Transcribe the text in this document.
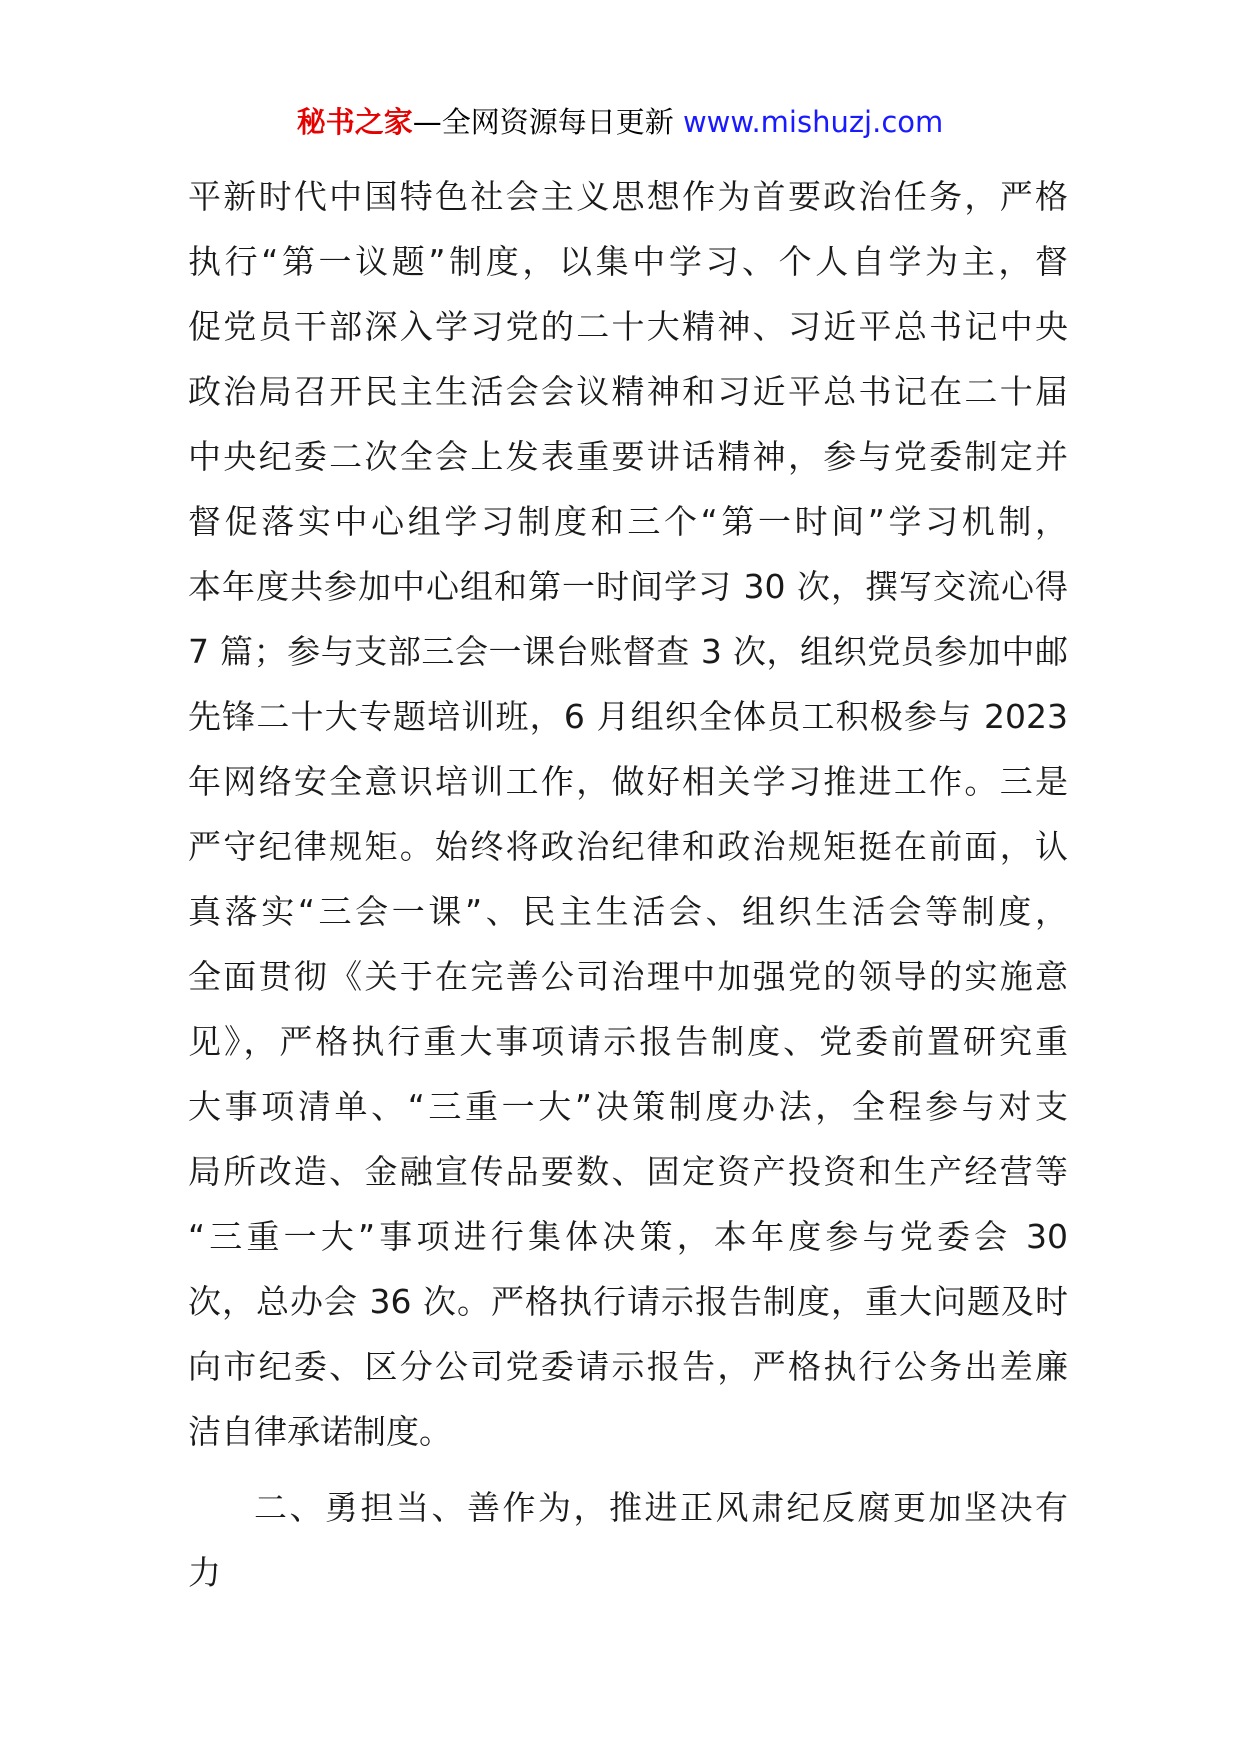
秘书之家—全网资源每日更新 www.mishuzj.com
平新时代中国特色社会主义思想作为首要政治任务，严格
执行“第一议题”制度，以集中学习、个人自学为主，督
促党员干部深入学习党的二十大精神、习近平总书记中央
政治局召开民主生活会会议精神和习近平总书记在二十届
中央纪委二次全会上发表重要讲话精神，参与党委制定并
督促落实中心组学习制度和三个“第一时间”学习机制，
本年度共参加中心组和第一时间学习 30 次，撰写交流心得
7 篇；参与支部三会一课台账督查 3 次，组织党员参加中邮
先锋二十大专题培训班，6 月组织全体员工积极参与 2023
年网络安全意识培训工作，做好相关学习推进工作。三是
严守纪律规矩。始终将政治纪律和政治规矩挺在前面，认
真落实“三会一课”、民主生活会、组织生活会等制度，
全面贯彻《关于在完善公司治理中加强党的领导的实施意
见》，严格执行重大事项请示报告制度、党委前置研究重
大事项清单、“三重一大”决策制度办法，全程参与对支
局所改造、金融宣传品要数、固定资产投资和生产经营等
“三重一大”事项进行集体决策，本年度参与党委会 30
次，总办会 36 次。严格执行请示报告制度，重大问题及时
向市纪委、区分公司党委请示报告，严格执行公务出差廉
洁自律承诺制度。
二、勇担当、善作为，推进正风肃纪反腐更加坚决有
力
